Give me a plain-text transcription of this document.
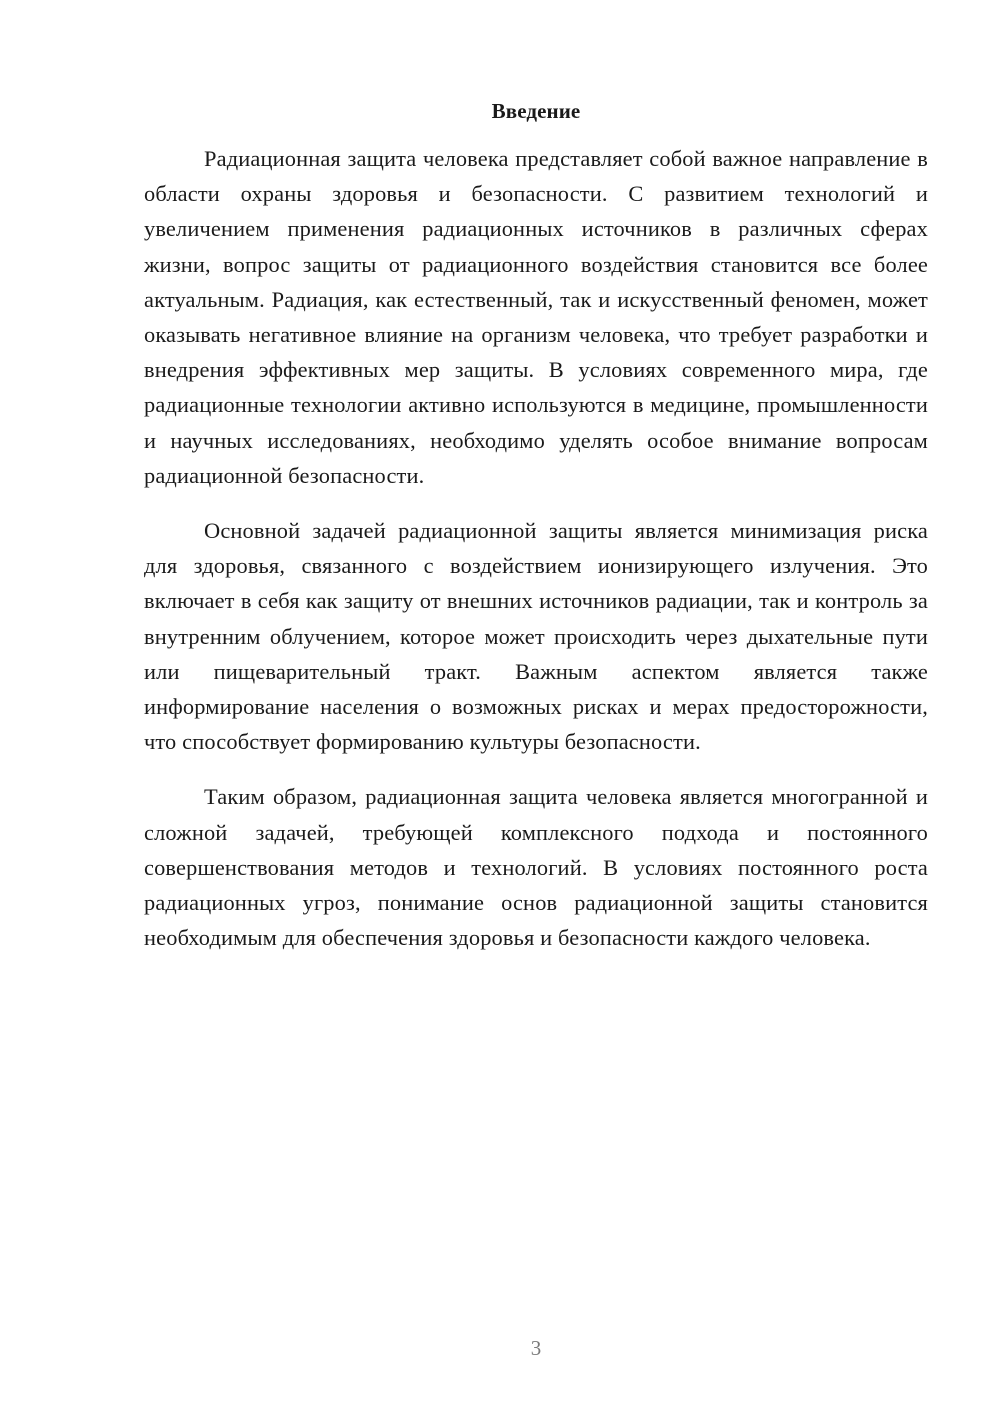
Введение

Радиационная защита человека представляет собой важное направление в области охраны здоровья и безопасности. С развитием технологий и увеличением применения радиационных источников в различных сферах жизни, вопрос защиты от радиационного воздействия становится все более актуальным. Радиация, как естественный, так и искусственный феномен, может оказывать негативное влияние на организм человека, что требует разработки и внедрения эффективных мер защиты. В условиях современного мира, где радиационные технологии активно используются в медицине, промышленности и научных исследованиях, необходимо уделять особое внимание вопросам радиационной безопасности.

Основной задачей радиационной защиты является минимизация риска для здоровья, связанного с воздействием ионизирующего излучения. Это включает в себя как защиту от внешних источников радиации, так и контроль за внутренним облучением, которое может происходить через дыхательные пути или пищеварительный тракт. Важным аспектом является также информирование населения о возможных рисках и мерах предосторожности, что способствует формированию культуры безопасности.

Таким образом, радиационная защита человека является многогранной и сложной задачей, требующей комплексного подхода и постоянного совершенствования методов и технологий. В условиях постоянного роста радиационных угроз, понимание основ радиационной защиты становится необходимым для обеспечения здоровья и безопасности каждого человека.

3
